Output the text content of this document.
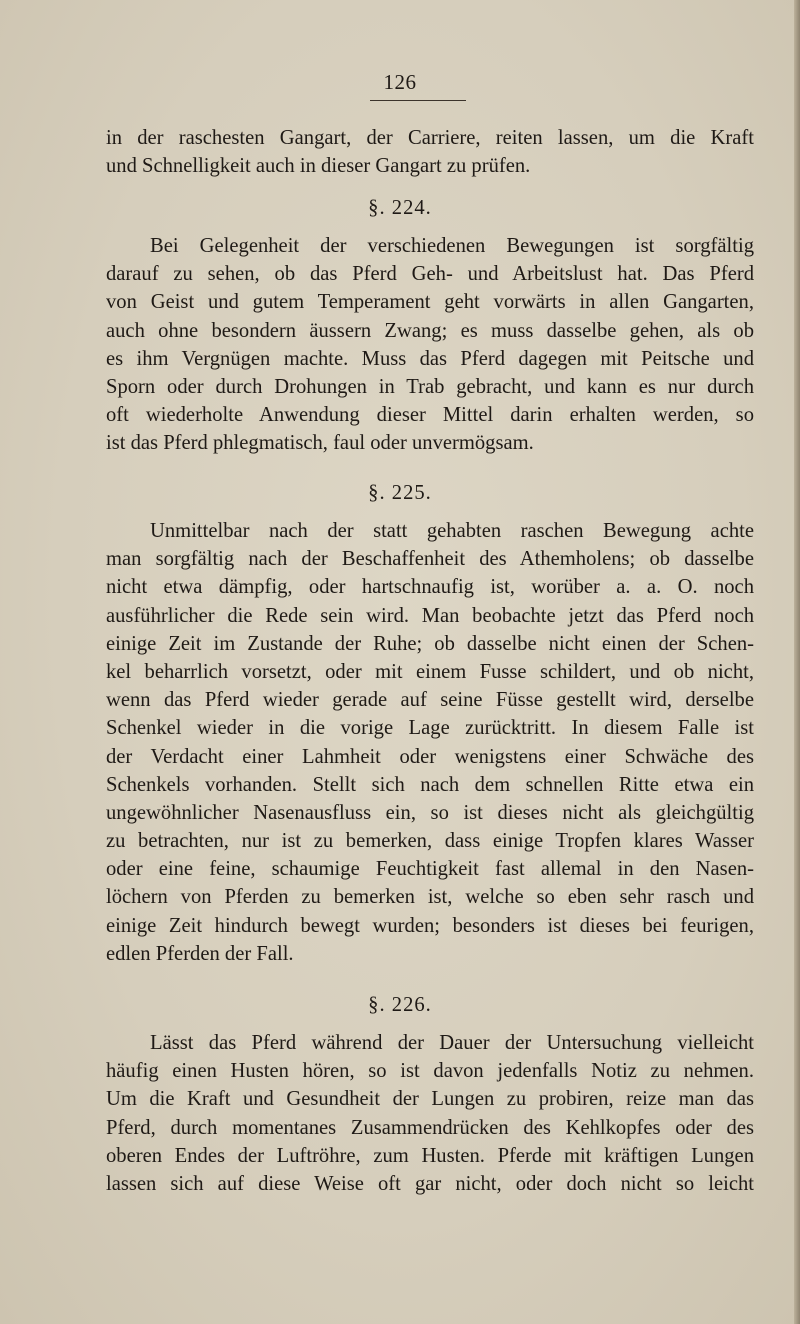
126
in der raschesten Gangart, der Carriere, reiten lassen, um die Kraft
und Schnelligkeit auch in dieser Gangart zu prüfen.
§. 224.
Bei Gelegenheit der verschiedenen Bewegungen ist sorgfältig
darauf zu sehen, ob das Pferd Geh- und Arbeitslust hat. Das Pferd
von Geist und gutem Temperament geht vorwärts in allen Gangarten,
auch ohne besondern äussern Zwang; es muss dasselbe gehen, als ob
es ihm Vergnügen machte. Muss das Pferd dagegen mit Peitsche und
Sporn oder durch Drohungen in Trab gebracht, und kann es nur durch
oft wiederholte Anwendung dieser Mittel darin erhalten werden, so
ist das Pferd phlegmatisch, faul oder unvermögsam.
§. 225.
Unmittelbar nach der statt gehabten raschen Bewegung achte
man sorgfältig nach der Beschaffenheit des Athemholens; ob dasselbe
nicht etwa dämpfig, oder hartschnaufig ist, worüber a. a. O. noch
ausführlicher die Rede sein wird. Man beobachte jetzt das Pferd noch
einige Zeit im Zustande der Ruhe; ob dasselbe nicht einen der Schen-
kel beharrlich vorsetzt, oder mit einem Fusse schildert, und ob nicht,
wenn das Pferd wieder gerade auf seine Füsse gestellt wird, derselbe
Schenkel wieder in die vorige Lage zurücktritt. In diesem Falle ist
der Verdacht einer Lahmheit oder wenigstens einer Schwäche des
Schenkels vorhanden. Stellt sich nach dem schnellen Ritte etwa ein
ungewöhnlicher Nasenausfluss ein, so ist dieses nicht als gleichgültig
zu betrachten, nur ist zu bemerken, dass einige Tropfen klares Wasser
oder eine feine, schaumige Feuchtigkeit fast allemal in den Nasen-
löchern von Pferden zu bemerken ist, welche so eben sehr rasch und
einige Zeit hindurch bewegt wurden; besonders ist dieses bei feurigen,
edlen Pferden der Fall.
§. 226.
Lässt das Pferd während der Dauer der Untersuchung vielleicht
häufig einen Husten hören, so ist davon jedenfalls Notiz zu nehmen.
Um die Kraft und Gesundheit der Lungen zu probiren, reize man das
Pferd, durch momentanes Zusammendrücken des Kehlkopfes oder des
oberen Endes der Luftröhre, zum Husten. Pferde mit kräftigen Lungen
lassen sich auf diese Weise oft gar nicht, oder doch nicht so leicht
